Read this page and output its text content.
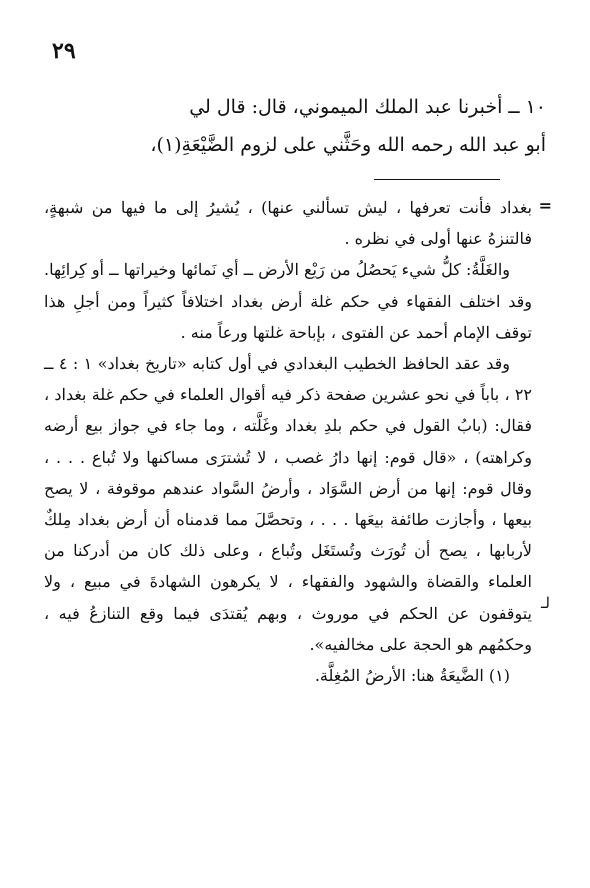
٢٩

١٠ ــ أخبرنا عبد الملك الميموني، قال: قال لي

أبو عبد الله رحمه الله وحَثَّني على لزوم الضَّيْعَةِ(١)،

=
لـ

بغداد فأنت تعرفها ، ليش تسألني عنها) ، يُشيرُ إلى ما فيها من شبهةٍ، فالتنزهُ عنها أولى في نظره .

والغَلَّةُ: كلُّ شيء يَحصُلُ من رَيْع الأرض ــ أي نَمائها وخيراتها ــ أو كِرائِها. وقد اختلف الفقهاء في حكم غلة أرض بغداد اختلافاً كثيراً ومن أجلِ هذا توقف الإمام أحمد عن الفتوى ، بإباحة غلتها ورعاً منه .

وقد عقد الحافظ الخطيب البغدادي في أول كتابه «تاريخ بغداد» ١ : ٤ ــ ٢٢ ، باباً في نحو عشرين صفحة ذكر فيه أقوال العلماء في حكم غلة بغداد ، فقال: (بابُ القول في حكم بلدِ بغداد وغَلَّته ، وما جاء في جواز بيع أرضه وكراهته) ، «قال قوم: إنها دارُ غصب ، لا تُشترَى مساكنها ولا تُباع . . . ، وقال قوم: إنها من أرض السَّوَاد ، وأرضُ السَّواد عندهم موقوفة ، لا يصح بيعها ، وأجازت طائفة بيعَها . . . ، وتحصَّلَ مما قدمناه أن أرض بغداد مِلكٌ لأربابها ، يصح أن تُورَث وتُستَغَل وتُباع ، وعلى ذلك كان من أدركنا من العلماء والقضاة والشهود والفقهاء ، لا يكرهون الشهادةَ في مبيع ، ولا يتوقفون عن الحكم في موروث ، وبهم يُقتدَى فيما وقع التنازعُ فيه ، وحكمُهم هو الحجة على مخالفيه».

(١) الضَّيعَةُ هنا: الأرضُ المُغِلَّة.
